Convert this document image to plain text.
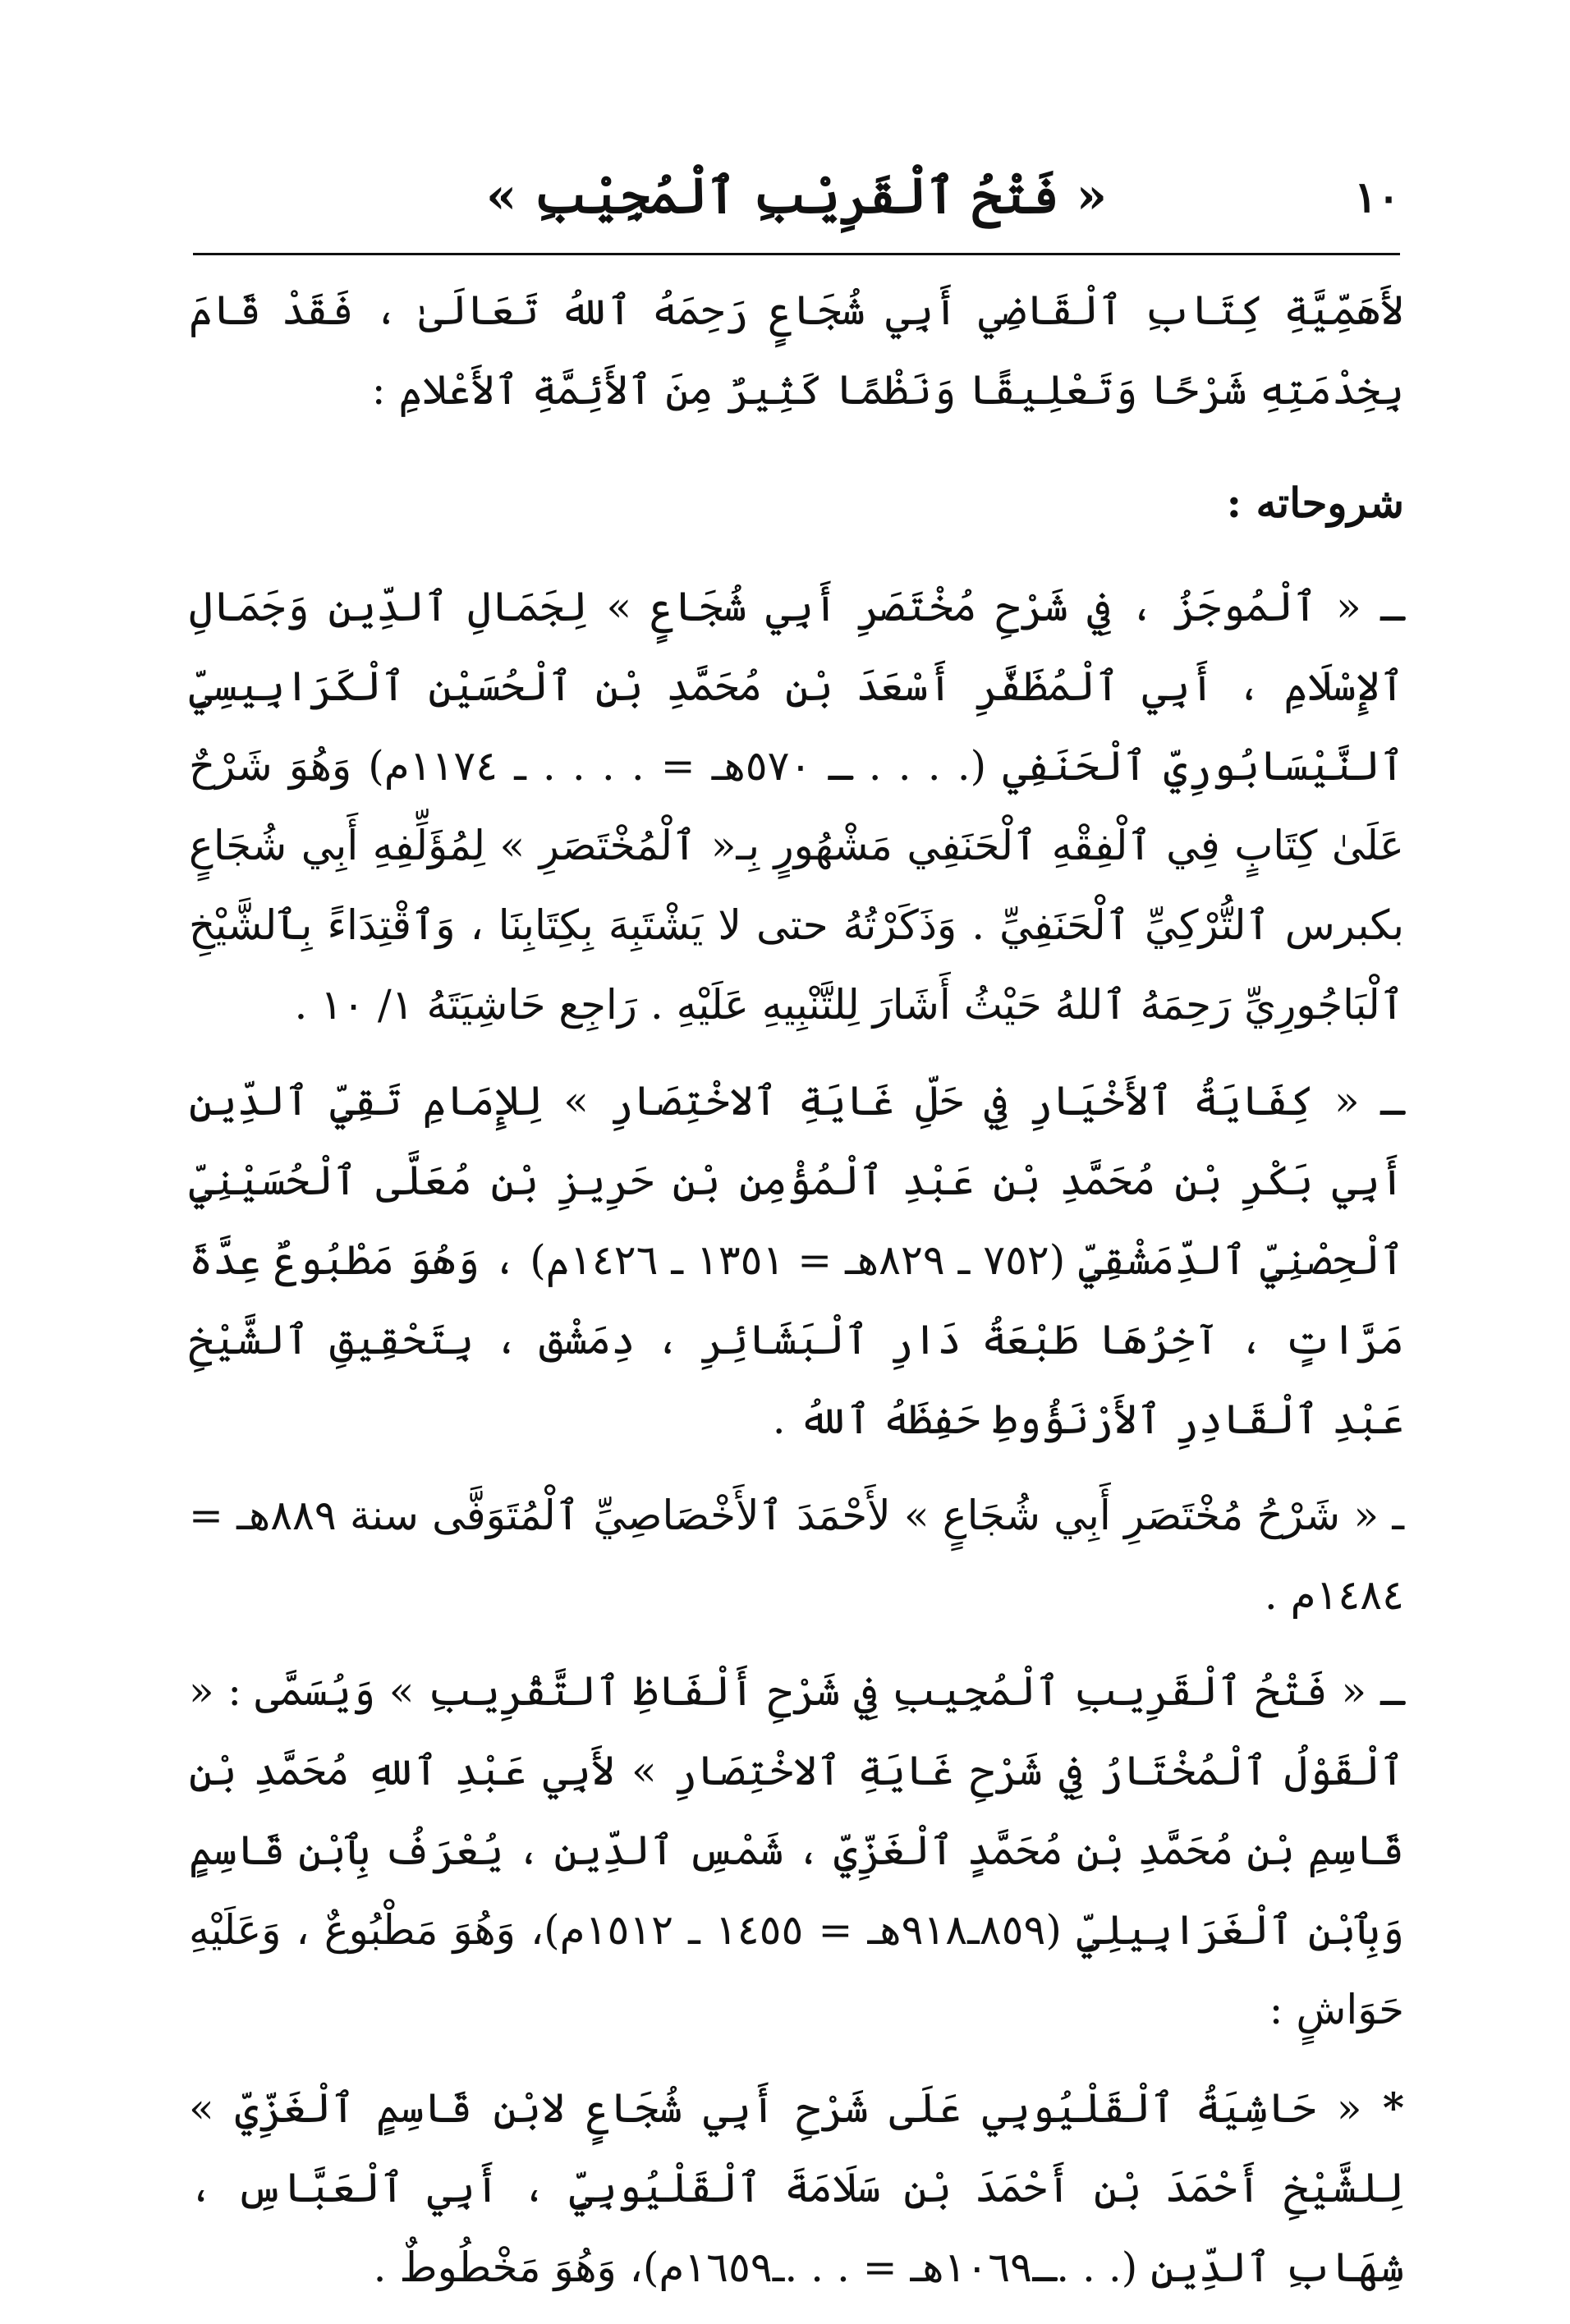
١٠
« فَتْحُ ٱلْقَرِيْبِ ٱلْمُجِيْبِ »

لأَهَمِّيَّةِ كِتَابِ ٱلْقَاضِي أَبِي شُجَاعٍ رَحِمَهُ ٱللهُ تَعَالَىٰ ، فَقَدْ قَامَ بِخِدْمَتِهِ شَرْحًا وَتَعْلِيقًا وَنَظْمًا كَثِيرٌ مِنَ ٱلأَئِمَّةِ ٱلأَعْلامِ :

شروحاته :

ـ « ٱلْمُوجَزُ ، فِي شَرْحِ مُخْتَصَرِ أَبِي شُجَاعٍ » لِجَمَالِ ٱلدِّينِ وَجَمَالِ ٱلإِسْلَامِ ، أَبِي ٱلْمُظَفَّرِ أَسْعَدَ بْنِ مُحَمَّدِ بْنِ ٱلْحُسَيْنِ ٱلْكَرَابِيسِيِّ ٱلنَّيْسَابُورِيِّ ٱلْحَنَفِي (. . . . ـ ٥٧٠هـ = . . . . ـ ١١٧٤م) وَهُوَ شَرْحٌ عَلَىٰ كِتَابٍ فِي ٱلْفِقْهِ ٱلْحَنَفِي مَشْهُورٍ بِـ« ٱلْمُخْتَصَرِ » لِمُؤَلِّفِهِ أَبِي شُجَاعٍ بكبرس ٱلتُّرْكِيِّ ٱلْحَنَفِيِّ . وَذَكَرْتُهُ حتى لا يَشْتَبِهَ بِكِتَابِنَا ، وَٱقْتِدَاءً بِٱلشَّيْخِ ٱلْبَاجُورِيِّ رَحِمَهُ ٱللهُ حَيْثُ أَشَارَ لِلتَّنْبِيهِ عَلَيْهِ . رَاجِع حَاشِيَتَهُ ١/ ١٠ .

ـ « كِفَايَةُ ٱلأَخْيَارِ فِي حَلِّ غَايَةِ ٱلاخْتِصَارِ » لِلإِمَامِ تَقِيِّ ٱلدِّينِ أَبِي بَكْرِ بْنِ مُحَمَّدِ بْنِ عَبْدِ ٱلْمُؤْمِنِ بْنِ حَرِيزِ بْنِ مُعَلَّى ٱلْحُسَيْنِيِّ ٱلْحِصْنِيِّ ٱلدِّمَشْقِيِّ (٧٥٢ ـ ٨٢٩هـ = ١٣٥١ ـ ١٤٢٦م) ، وَهُوَ مَطْبُوعٌ عِدَّةَ مَرَّاتٍ ، آخِرُهَا طَبْعَةُ دَارِ ٱلْبَشَائِرِ ، دِمَشْق ، بِتَحْقِيقِ ٱلشَّيْخِ عَبْدِ ٱلْقَادِرِ ٱلأَرْنَؤُوطِ حَفِظَهُ ٱللهُ .

ـ « شَرْحُ مُخْتَصَرِ أَبِي شُجَاعٍ » لأَحْمَدَ ٱلأَخْصَاصِيِّ ٱلْمُتَوَفَّى سنة ٨٨٩هـ = ١٤٨٤م .

ـ « فَتْحُ ٱلْقَرِيبِ ٱلْمُجِيبِ فِي شَرْحِ أَلْفَاظِ ٱلتَّقْرِيبِ » وَيُسَمَّى : « ٱلْقَوْلُ ٱلْمُخْتَارُ فِي شَرْحِ غَايَةِ ٱلاخْتِصَارِ » لأَبِي عَبْدِ ٱللهِ مُحَمَّدِ بْنِ قَاسِمِ بْنِ مُحَمَّدِ بْنِ مُحَمَّدٍ ٱلْغَزِّيِّ ، شَمْسِ ٱلدِّينِ ، يُعْرَفُ بِٱبْنِ قَاسِمٍ وَبِٱبْنِ ٱلْغَرَابِيلِيِّ (٨٥٩ـ٩١٨هـ = ١٤٥٥ ـ ١٥١٢م)، وَهُوَ مَطْبُوعٌ ، وَعَلَيْهِ حَوَاشٍ :

* « حَاشِيَةُ ٱلْقَلْيُوبِي عَلَى شَرْحِ أَبِي شُجَاعٍ لابْنِ قَاسِمٍ ٱلْغَزِّيِّ » لِلشَّيْخِ أَحْمَدَ بْنِ أَحْمَدَ بْنِ سَلَامَةَ ٱلْقَلْيُوبِيِّ ، أَبِي ٱلْعَبَّاسِ ، شِهَابِ ٱلدِّينِ (. . .ـ١٠٦٩هـ = . . .ـ١٦٥٩م)، وَهُوَ مَخْطُوطٌ .
